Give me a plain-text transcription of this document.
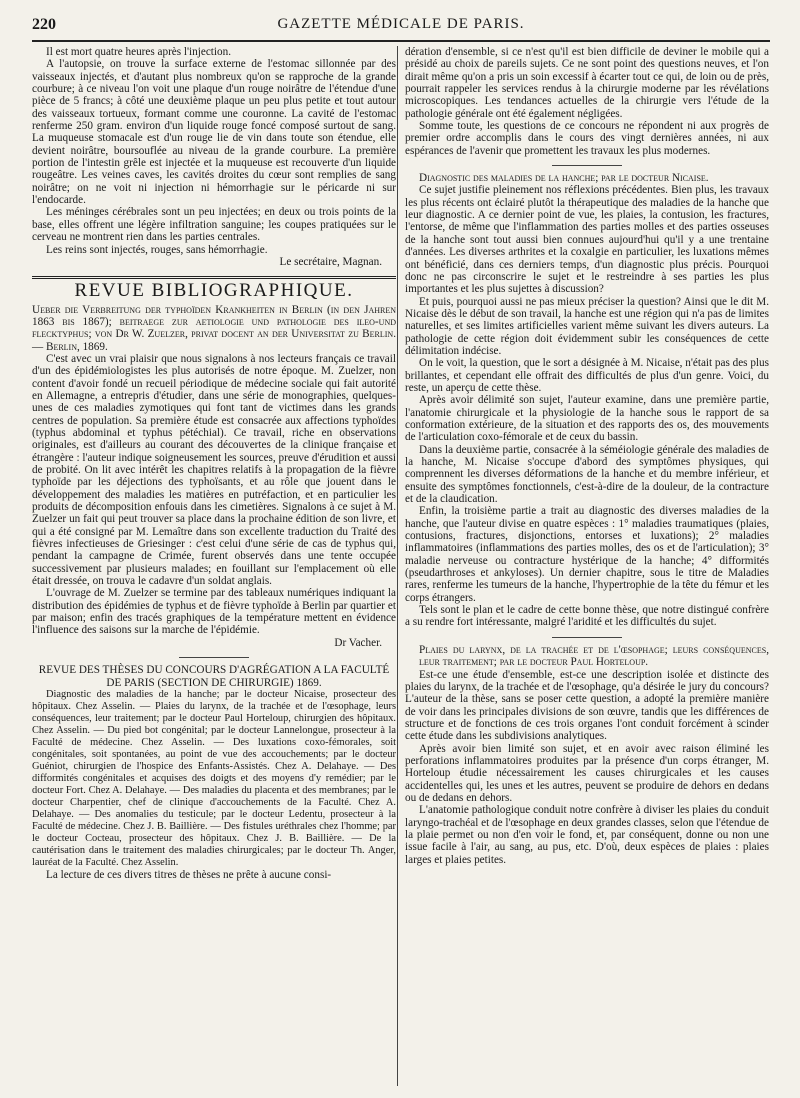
220	GAZETTE MÉDICALE DE PARIS.

Il est mort quatre heures après l'injection.

A l'autopsie, on trouve la surface externe de l'estomac sillonnée par des vaisseaux injectés, et d'autant plus nombreux qu'on se rapproche de la grande courbure; à ce niveau l'on voit une plaque d'un rouge noirâtre de l'étendue d'une pièce de 5 francs; à côté une deuxième plaque un peu plus petite et tout autour des vaisseaux tortueux, formant comme une couronne. La cavité de l'estomac renferme 250 gram. environ d'un liquide rouge foncé composé surtout de sang. La muqueuse stomacale est d'un rouge lie de vin dans toute son étendue, elle devient noirâtre, boursouflée au niveau de la grande courbure. La première portion de l'intestin grêle est injectée et la muqueuse est recouverte d'un liquide rougeâtre. Les veines caves, les cavités droites du cœur sont remplies de sang noirâtre; on ne voit ni injection ni hémorrhagie sur le péricarde ni sur l'endocarde.

Les méninges cérébrales sont un peu injectées; en deux ou trois points de la base, elles offrent une légère infiltration sanguine; les coupes pratiquées sur le cerveau ne montrent rien dans les parties centrales.

Les reins sont injectés, rouges, sans hémorrhagie.

Le secrétaire, Magnan.
REVUE BIBLIOGRAPHIQUE.

Ueber die Verbreitung der typhoïden Krankheiten in Berlin (in den Jahren 1863 bis 1867); beitraege zur aetiologie und pathologie des ileo-und flecktyphus; von Dr W. Zuelzer, privat docent an der Universitat zu Berlin. — Berlin, 1869.

C'est avec un vrai plaisir que nous signalons à nos lecteurs français ce travail d'un des épidémiologistes les plus autorisés de notre époque. M. Zuelzer, non content d'avoir fondé un recueil périodique de médecine sociale qui fait autorité en Allemagne, a entrepris d'étudier, dans une série de monographies, quelques-unes de ces maladies zymotiques qui font tant de victimes dans les grands centres de population. Sa première étude est consacrée aux affections typhoïdes (typhus abdominal et typhus pétéchial). Ce travail, riche en observations originales, est d'ailleurs au courant des découvertes de la clinique française et étrangère : l'auteur indique soigneusement les sources, preuve d'érudition et aussi de probité. On lit avec intérêt les chapitres relatifs à la propagation de la fièvre typhoïde par les déjections des typhoïsants, et au rôle que jouent dans le développement des maladies les matières en putréfaction, et en particulier les produits de décomposition enfouis dans les cimetières. Signalons à ce sujet à M. Zuelzer un fait qui peut trouver sa place dans la prochaine édition de son livre, et qui a été consigné par M. Lemaître dans son excellente traduction du Traité des fièvres infectieuses de Griesinger : c'est celui d'une série de cas de typhus qui, pendant la campagne de Crimée, furent observés dans une tente occupée successivement par plusieurs malades; en fouillant sur l'emplacement où elle était dressée, on trouva le cadavre d'un soldat anglais.

L'ouvrage de M. Zuelzer se termine par des tableaux numériques indiquant la distribution des épidémies de typhus et de fièvre typhoïde à Berlin par quartier et par maison; enfin des tracés graphiques de la température mettent en évidence l'influence des saisons sur la marche de l'épidémie.

Dr Vacher.

REVUE DES THÈSES DU CONCOURS D'AGRÉGATION A LA FACULTÉ DE PARIS (SECTION DE CHIRURGIE) 1869.

Diagnostic des maladies de la hanche; par le docteur Nicaise, prosecteur des hôpitaux. Chez Asselin. — Plaies du larynx, de la trachée et de l'œsophage, leurs conséquences, leur traitement; par le docteur Paul Horteloup, chirurgien des hôpitaux. Chez Asselin. — Du pied bot congénital; par le docteur Lannelongue, prosecteur à la Faculté de médecine. Chez Asselin. — Des luxations coxo-fémorales, soit congénitales, soit spontanées, au point de vue des accouchements; par le docteur Guéniot, chirurgien de l'hospice des Enfants-Assistés. Chez A. Delahaye. — Des difformités congénitales et acquises des doigts et des moyens d'y remédier; par le docteur Fort. Chez A. Delahaye. — Des maladies du placenta et des membranes; par le docteur Charpentier, chef de clinique d'accouchements de la Faculté. Chez A. Delahaye. — Des anomalies du testicule; par le docteur Ledentu, prosecteur à la Faculté de médecine. Chez J. B. Baillière. — Des fistules uréthrales chez l'homme; par le docteur Cocteau, prosecteur des hôpitaux. Chez J. B. Baillière. — De la cautérisation dans le traitement des maladies chirurgicales; par le docteur Th. Anger, lauréat de la Faculté. Chez Asselin.

La lecture de ces divers titres de thèses ne prête à aucune consi-

dération d'ensemble, si ce n'est qu'il est bien difficile de deviner le mobile qui a présidé au choix de pareils sujets. Ce ne sont point des questions neuves, et l'on dirait même qu'on a pris un soin excessif à écarter tout ce qui, de loin ou de près, pourrait rappeler les services rendus à la chirurgie moderne par les révélations microscopiques. Les tendances actuelles de la chirurgie vers l'étude de la pathologie générale ont été également négligées.

Somme toute, les questions de ce concours ne répondent ni aux progrès de premier ordre accomplis dans le cours des vingt dernières années, ni aux espérances de l'avenir que promettent les travaux les plus modernes.

Diagnostic des maladies de la hanche; par le docteur Nicaise.

Ce sujet justifie pleinement nos réflexions précédentes. Bien plus, les travaux les plus récents ont éclairé plutôt la thérapeutique des maladies de la hanche que leur diagnostic. A ce dernier point de vue, les plaies, la contusion, les fractures, l'entorse, de même que l'inflammation des parties molles et des parties osseuses de la hanche sont tout aussi bien connues aujourd'hui qu'il y a une trentaine d'années. Les diverses arthrites et la coxalgie en particulier, les luxations mêmes ont bénéficié, dans ces derniers temps, d'un diagnostic plus précis. Pourquoi donc ne pas circonscrire le sujet et le restreindre à ses parties les plus importantes et les plus sujettes à discussion?

Et puis, pourquoi aussi ne pas mieux préciser la question? Ainsi que le dit M. Nicaise dès le début de son travail, la hanche est une région qui n'a pas de limites naturelles, et ses limites artificielles varient même suivant les divers auteurs. La pathologie de cette région doit évidemment subir les conséquences de cette délimitation indécise.

On le voit, la question, que le sort a désignée à M. Nicaise, n'était pas des plus brillantes, et cependant elle offrait des difficultés de plus d'un genre. Voici, du reste, un aperçu de cette thèse.

Après avoir délimité son sujet, l'auteur examine, dans une première partie, l'anatomie chirurgicale et la physiologie de la hanche sous le rapport de sa conformation extérieure, de la situation et des rapports des os, des mouvements de l'articulation coxo-fémorale et de ceux du bassin.

Dans la deuxième partie, consacrée à la séméiologie générale des maladies de la hanche, M. Nicaise s'occupe d'abord des symptômes physiques, qui comprennent les diverses déformations de la hanche et du membre inférieur, et ensuite des symptômes fonctionnels, c'est-à-dire de la douleur, de la contracture et de la claudication.

Enfin, la troisième partie a trait au diagnostic des diverses maladies de la hanche, que l'auteur divise en quatre espèces : 1° maladies traumatiques (plaies, contusions, fractures, disjonctions, entorses et luxations); 2° maladies inflammatoires (inflammations des parties molles, des os et de l'articulation); 3° maladie nerveuse ou contracture hystérique de la hanche; 4° difformités (pseudarthroses et ankyloses). Un dernier chapitre, sous le titre de Maladies rares, renferme les tumeurs de la hanche, l'hypertrophie de la tête du fémur et les corps étrangers.

Tels sont le plan et le cadre de cette bonne thèse, que notre distingué confrère a su rendre fort intéressante, malgré l'aridité et les difficultés du sujet.

Plaies du larynx, de la trachée et de l'œsophage; leurs conséquences, leur traitement; par le docteur Paul Horteloup.

Est-ce une étude d'ensemble, est-ce une description isolée et distincte des plaies du larynx, de la trachée et de l'œsophage, qu'a désirée le jury du concours? L'auteur de la thèse, sans se poser cette question, a adopté la première manière de voir dans les principales divisions de son œuvre, tandis que les différences de structure et de fonctions de ces trois organes l'ont conduit forcément à scinder cette étude dans les subdivisions analytiques.

Après avoir bien limité son sujet, et en avoir avec raison éliminé les perforations inflammatoires produites par la présence d'un corps étranger, M. Horteloup étudie nécessairement les causes chirurgicales et les causes accidentelles qui, les unes et les autres, peuvent se produire de dehors en dedans ou de dedans en dehors.

L'anatomie pathologique conduit notre confrère à diviser les plaies du conduit laryngo-trachéal et de l'œsophage en deux grandes classes, selon que l'étendue de la plaie permet ou non d'en voir le fond, et, par conséquent, donne ou non une issue facile à l'air, au sang, au pus, etc. D'où, deux espèces de plaies : plaies larges et plaies petites.
